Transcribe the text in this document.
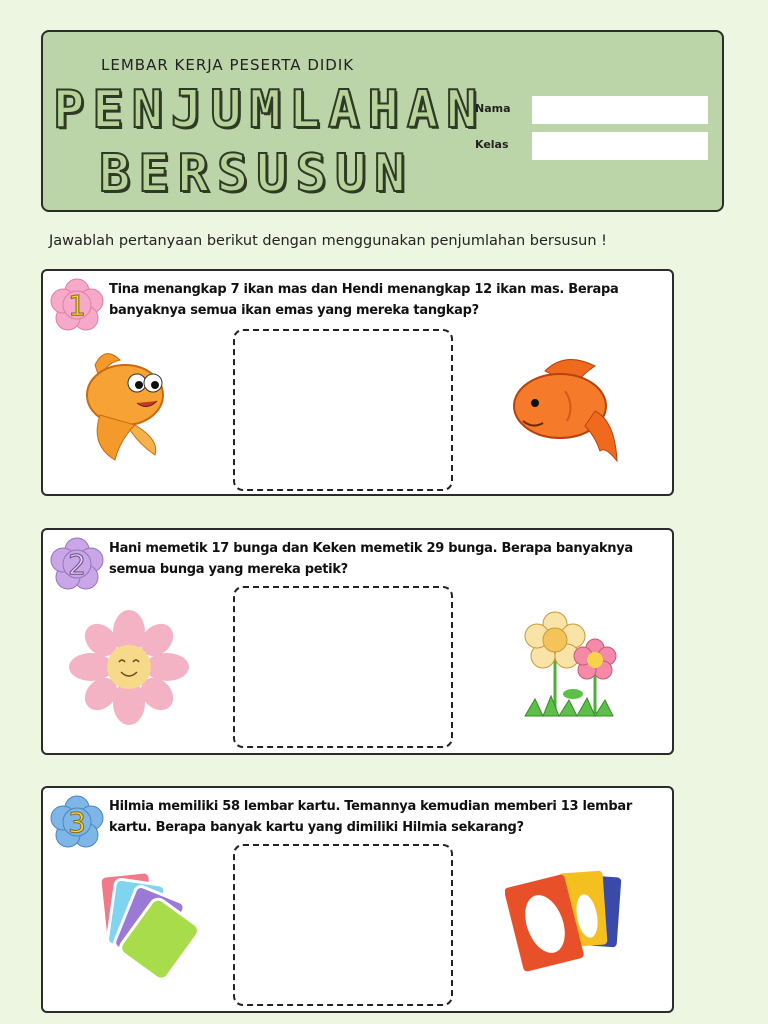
LEMBAR KERJA PESERTA DIDIK
PENJUMLAHAN
BERSUSUN
Nama
Kelas
Jawablah pertanyaan berikut dengan menggunakan penjumlahan bersusun !
1 Tina menangkap 7 ikan mas dan Hendi menangkap 12 ikan mas. Berapa banyaknya semua ikan emas yang mereka tangkap?
2 Hani memetik 17 bunga dan Keken memetik 29 bunga. Berapa banyaknya semua bunga yang mereka petik?
3 Hilmia memiliki 58 lembar kartu. Temannya kemudian memberi 13 lembar kartu. Berapa banyak kartu yang dimiliki Hilmia sekarang?
